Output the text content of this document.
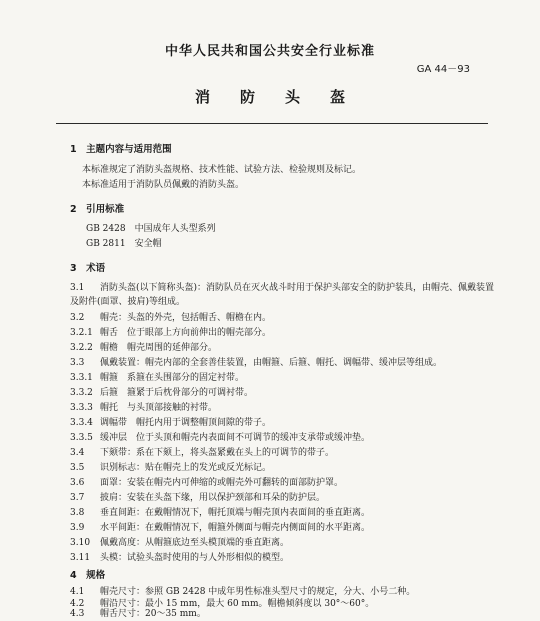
中华人民共和国公共安全行业标准
GA 44－93
消　　防　　头　　盔
1　主题内容与适用范围
本标准规定了消防头盔规格、技术性能、试验方法、检验规则及标记。
本标准适用于消防队员佩戴的消防头盔。
2　引用标准
GB 2428　中国成年人头型系列
GB 2811　安全帽
3　术语
3.1 消防头盔(以下简称头盔)：消防队员在灭火战斗时用于保护头部安全的防护装具，由帽壳、佩戴装置及附件(面罩、披肩)等组成。
3.2 帽壳：头盔的外壳，包括帽舌、帽檐在内。
3.2.1 帽舌　位于眼部上方向前伸出的帽壳部分。
3.2.2 帽檐　帽壳周围的延伸部分。
3.3 佩戴装置：帽壳内部的全套善佳装置，由帽箍、后箍、帽托、调幅带、缓冲层等组成。
3.3.1 帽箍　系箍在头围部分的固定衬带。
3.3.2 后箍　箍紧于后枕骨部分的可调衬带。
3.3.3 帽托　与头顶部接触的衬带。
3.3.4 调幅带　帽托内用于调整帽顶间隙的带子。
3.3.5 缓冲层　位于头顶和帽壳内表面间不可调节的缓冲支承带或缓冲垫。
3.4 下颏带：系在下颏上，将头盔紧戴在头上的可调节的带子。
3.5 识别标志：贴在帽壳上的发光或反光标记。
3.6 面罩：安装在帽壳内可伸缩的或帽壳外可翻转的面部防护罩。
3.7 披肩：安装在头盔下缘，用以保护颈部和耳朵的防护层。
3.8 垂直间距：在戴帽情况下，帽托顶端与帽壳顶内表面间的垂直距离。
3.9 水平间距：在戴帽情况下，帽箍外侧面与帽壳内侧面间的水平距离。
3.10 佩戴高度：从帽箍底边至头模顶端的垂直距离。
3.11 头模：试验头盔时使用的与人外形相似的模型。
4　规格
4.1 帽壳尺寸：参照 GB 2428 中成年男性标准头型尺寸的规定，分大、小号二种。
4.2 帽沿尺寸：最小 15 mm，最大 60 mm。帽檐倾斜度以 30°～60°。
4.3 帽舌尺寸：20～35 mm。
